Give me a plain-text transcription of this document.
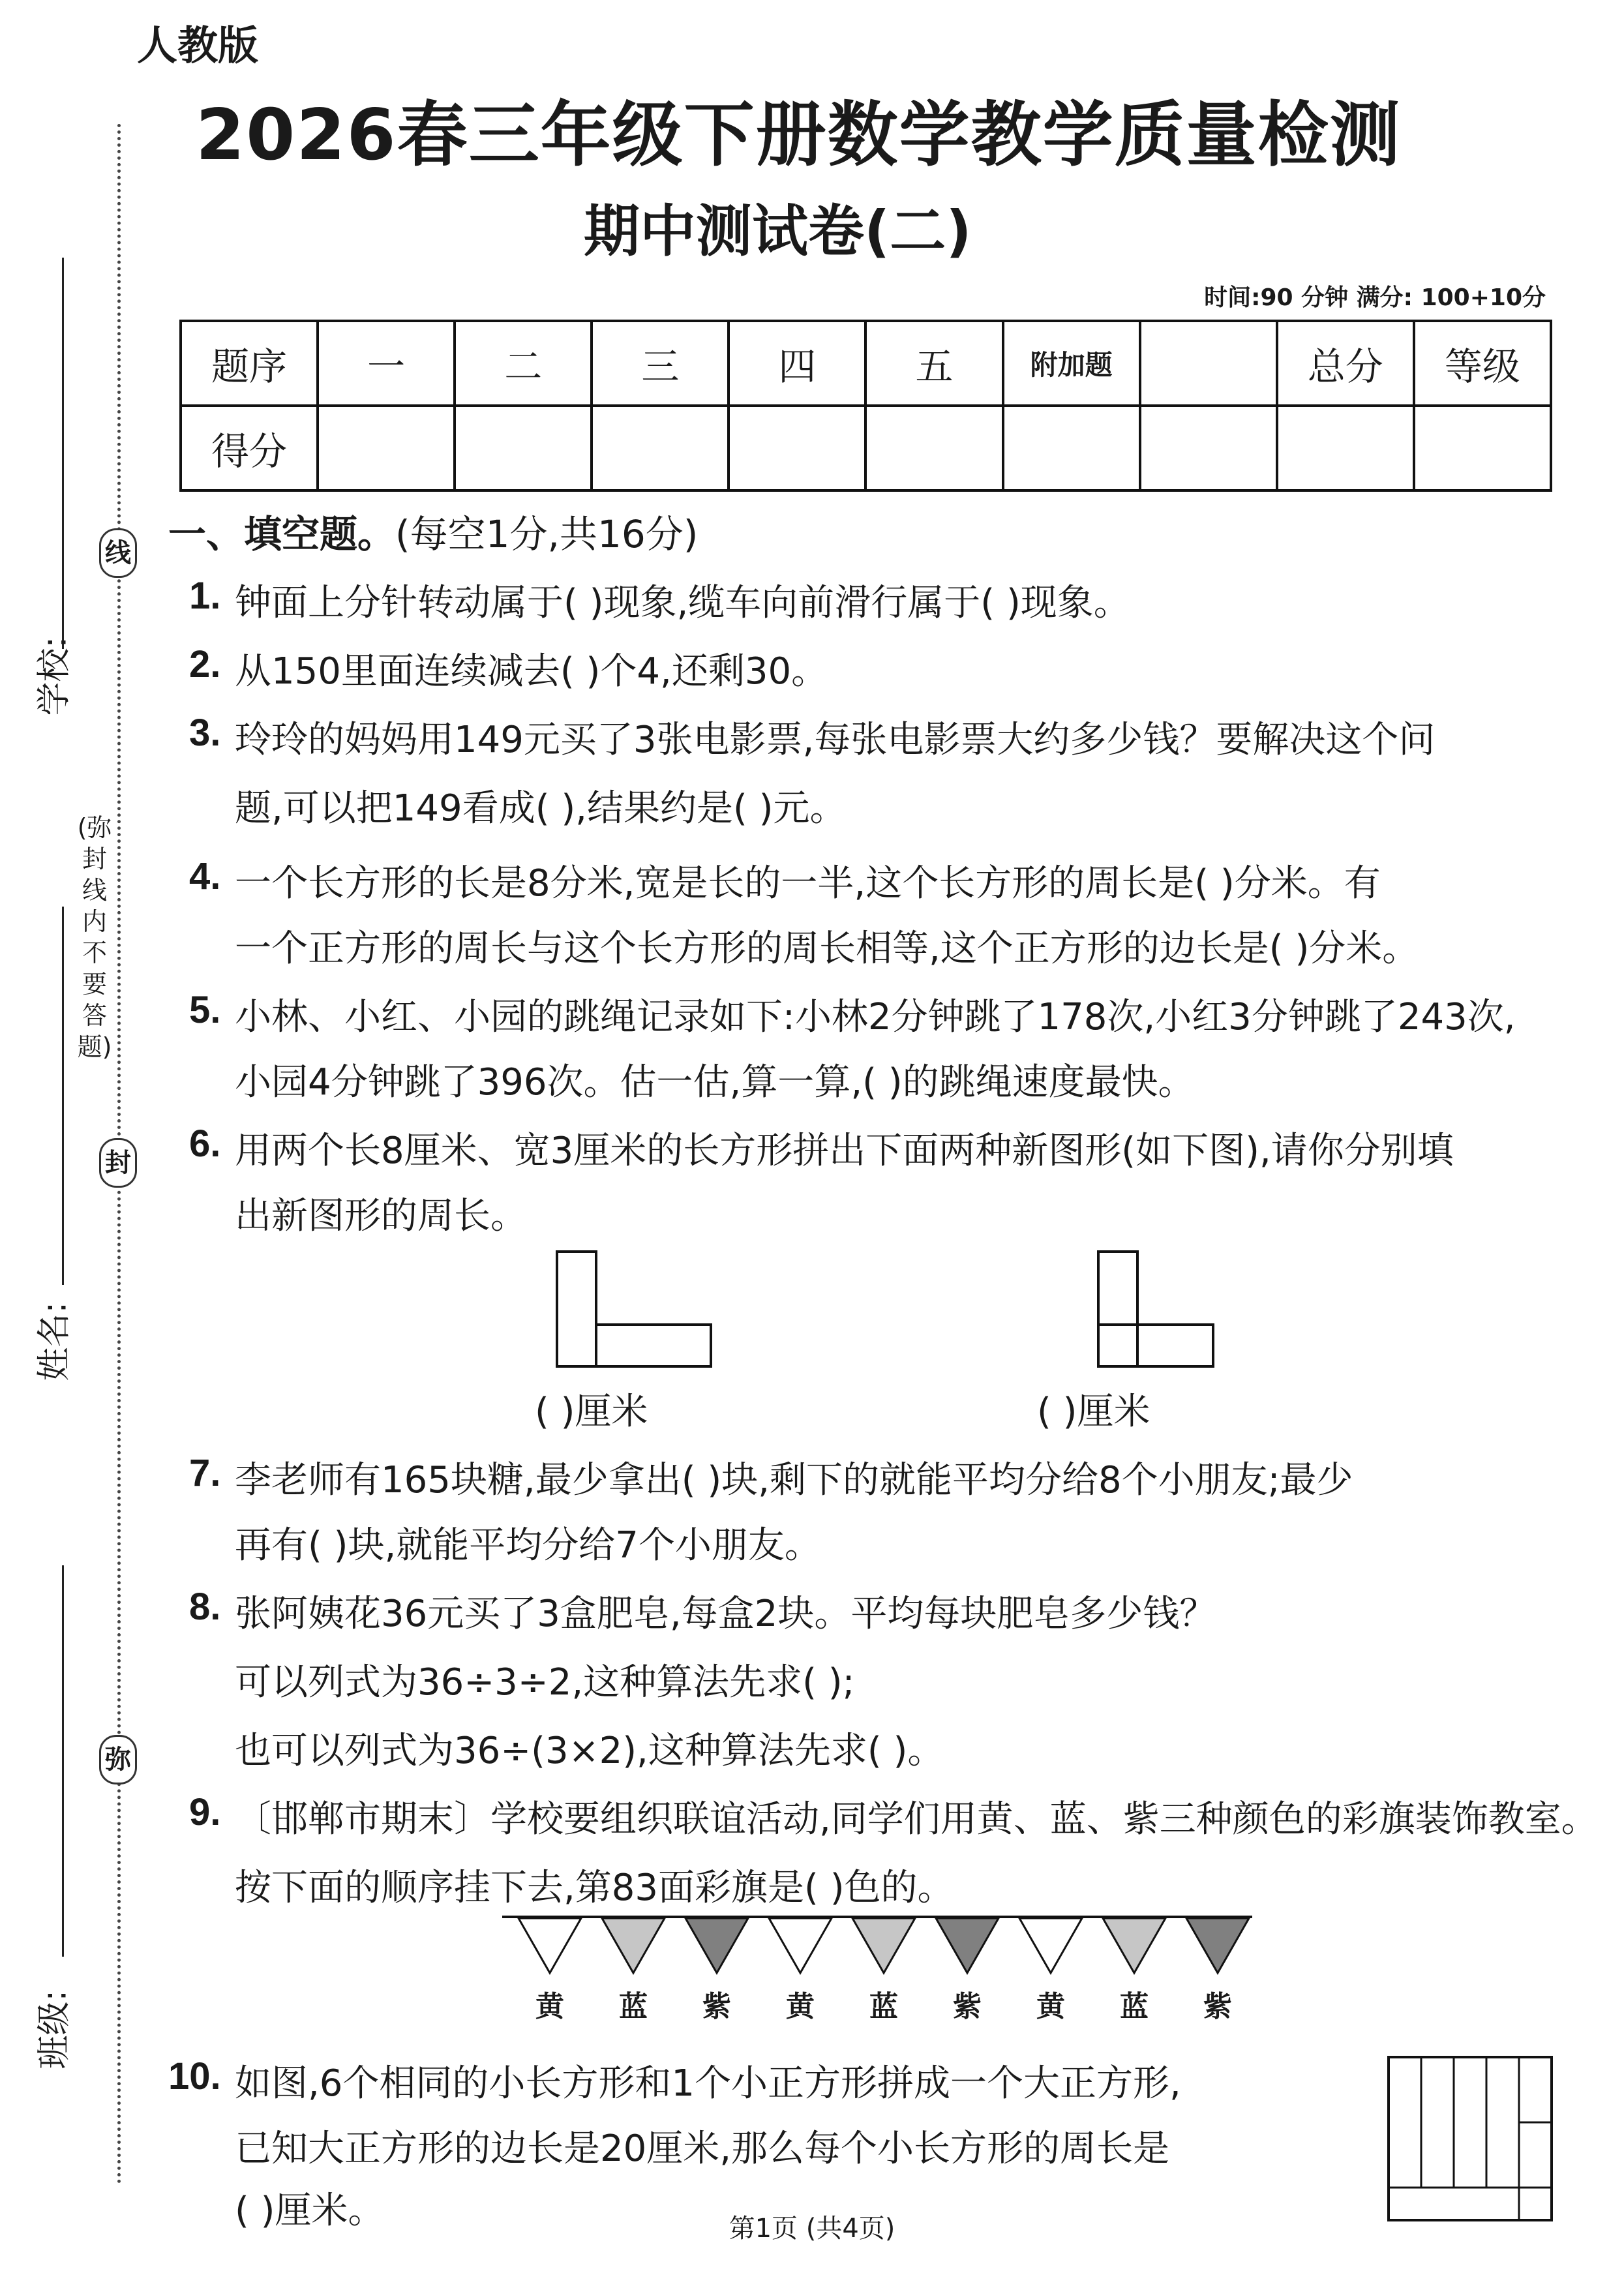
人教版
2026春三年级下册数学教学质量检测
期中测试卷(二)
时间:90 分钟 满分: 100+10分
题序	一	二	三	四	五	附加题		总分	等级
得分									
学校:
姓名:
班级:
线
封
弥
(弥封线内不要答题)
一、填空题。(每空1分,共16分)
1. 钟面上分针转动属于( )现象,缆车向前滑行属于( )现象。
2. 从150里面连续减去( )个4,还剩30。
3. 玲玲的妈妈用149元买了3张电影票,每张电影票大约多少钱？要解决这个问
题,可以把149看成( ),结果约是( )元。
4. 一个长方形的长是8分米,宽是长的一半,这个长方形的周长是( )分米。有
一个正方形的周长与这个长方形的周长相等,这个正方形的边长是( )分米。
5. 小林、小红、小园的跳绳记录如下:小林2分钟跳了178次,小红3分钟跳了243次,
小园4分钟跳了396次。估一估,算一算,( )的跳绳速度最快。
6. 用两个长8厘米、宽3厘米的长方形拼出下面两种新图形(如下图),请你分别填
出新图形的周长。
( )厘米	( )厘米
7. 李老师有165块糖,最少拿出( )块,剩下的就能平均分给8个小朋友;最少
再有( )块,就能平均分给7个小朋友。
8. 张阿姨花36元买了3盒肥皂,每盒2块。平均每块肥皂多少钱？
可以列式为36÷3÷2,这种算法先求( );
也可以列式为36÷(3×2),这种算法先求( )。
9. 〔邯郸市期末〕学校要组织联谊活动,同学们用黄、蓝、紫三种颜色的彩旗装饰教室。
按下面的顺序挂下去,第83面彩旗是( )色的。
黄	蓝	紫	黄	蓝	紫	黄	蓝	紫
10. 如图,6个相同的小长方形和1个小正方形拼成一个大正方形,
已知大正方形的边长是20厘米,那么每个小长方形的周长是
( )厘米。	第1页 (共4页)
